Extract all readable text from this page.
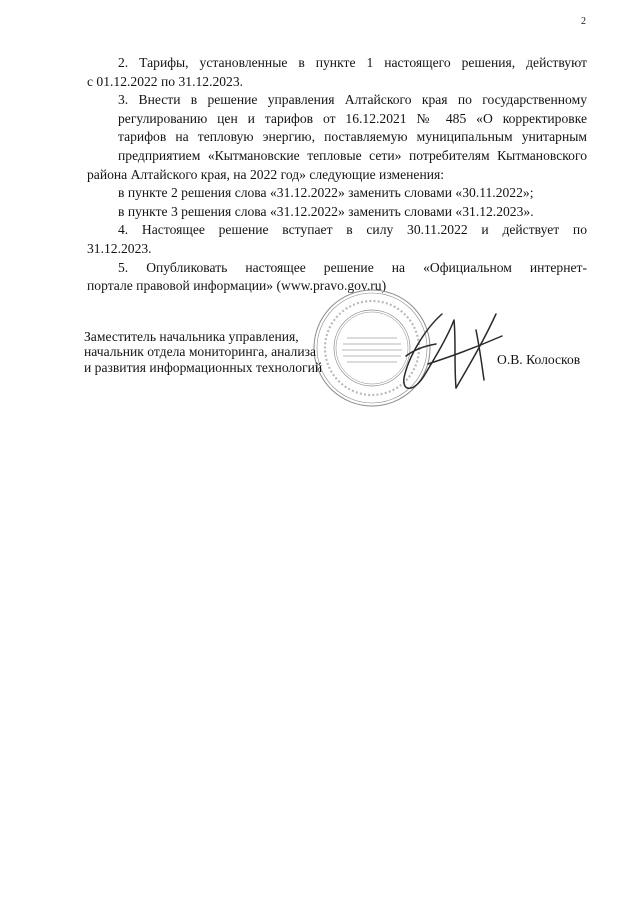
2

2. Тарифы, установленные в пункте 1 настоящего решения, действуют
с 01.12.2022 по 31.12.2023.

3. Внести в решение управления Алтайского края по государственному
регулированию цен и тарифов от 16.12.2021 № 485 «О корректировке
тарифов на тепловую энергию, поставляемую муниципальным унитарным
предприятием «Кытмановские тепловые сети» потребителям Кытмановского
района Алтайского края, на 2022 год» следующие изменения:

в пункте 2 решения слова «31.12.2022» заменить словами «30.11.2022»;

в пункте 3 решения слова «31.12.2022» заменить словами «31.12.2023».

4. Настоящее решение вступает в силу 30.11.2022 и действует по
31.12.2023.

5. Опубликовать настоящее решение на «Официальном интернет-
портале правовой информации» (www.pravo.gov.ru)

Заместитель начальника управления,
начальник отдела мониторинга, анализа
и развития информационных технологий
О.В. Колосков
